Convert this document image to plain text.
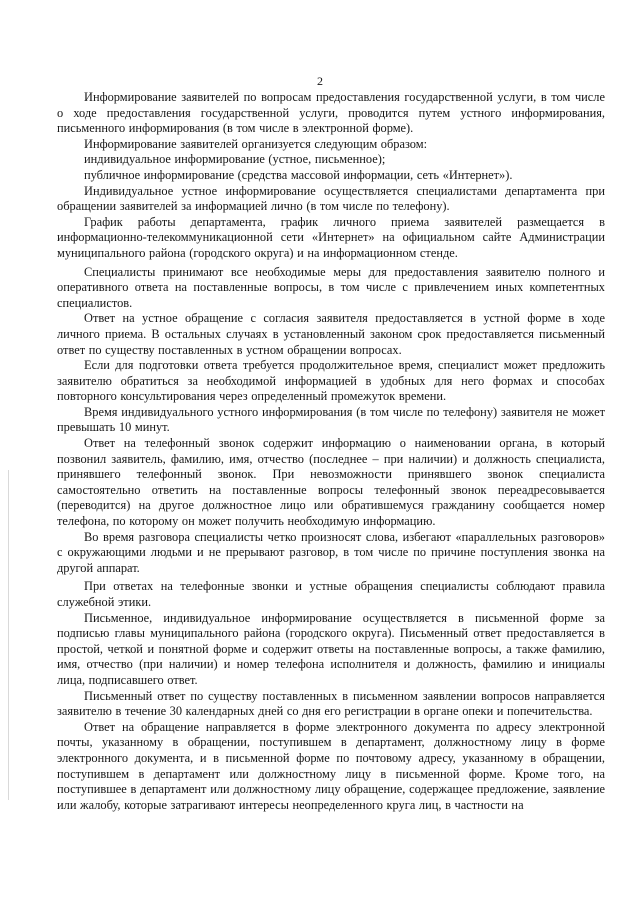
2

Информирование заявителей по вопросам предоставления государственной услуги, в том числе о ходе предоставления государственной услуги, проводится путем устного информирования, письменного информирования (в том числе в электронной форме).

Информирование заявителей организуется следующим образом:

индивидуальное информирование (устное, письменное);

публичное информирование (средства массовой информации, сеть «Интернет»).

Индивидуальное устное информирование осуществляется специалистами департамента при обращении заявителей за информацией лично (в том числе по телефону).

График работы департамента, график личного приема заявителей размещается в информационно-телекоммуникационной сети «Интернет» на официальном сайте Администрации муниципального района (городского округа) и на информационном стенде.

Специалисты принимают все необходимые меры для предоставления заявителю полного и оперативного ответа на поставленные вопросы, в том числе с привлечением иных компетентных специалистов.

Ответ на устное обращение с согласия заявителя предоставляется в устной форме в ходе личного приема. В остальных случаях в установленный законом срок предоставляется письменный ответ по существу поставленных в устном обращении вопросах.

Если для подготовки ответа требуется продолжительное время, специалист может предложить заявителю обратиться за необходимой информацией в удобных для него формах и способах повторного консультирования через определенный промежуток времени.

Время индивидуального устного информирования (в том числе по телефону) заявителя не может превышать 10 минут.

Ответ на телефонный звонок содержит информацию о наименовании органа, в который позвонил заявитель, фамилию, имя, отчество (последнее – при наличии) и должность специалиста, принявшего телефонный звонок. При невозможности принявшего звонок специалиста самостоятельно ответить на поставленные вопросы телефонный звонок переадресовывается (переводится) на другое должностное лицо или обратившемуся гражданину сообщается номер телефона, по которому он может получить необходимую информацию.

Во время разговора специалисты четко произносят слова, избегают «параллельных разговоров» с окружающими людьми и не прерывают разговор, в том числе по причине поступления звонка на другой аппарат.

При ответах на телефонные звонки и устные обращения специалисты соблюдают правила служебной этики.

Письменное, индивидуальное информирование осуществляется в письменной форме за подписью главы муниципального района (городского округа). Письменный ответ предоставляется в простой, четкой и понятной форме и содержит ответы на поставленные вопросы, а также фамилию, имя, отчество (при наличии) и номер телефона исполнителя и должность, фамилию и инициалы лица, подписавшего ответ.

Письменный ответ по существу поставленных в письменном заявлении вопросов направляется заявителю в течение 30 календарных дней со дня его регистрации в органе опеки и попечительства.

Ответ на обращение направляется в форме электронного документа по адресу электронной почты, указанному в обращении, поступившем в департамент, должностному лицу в форме электронного документа, и в письменной форме по почтовому адресу, указанному в обращении, поступившем в департамент или должностному лицу в письменной форме. Кроме того, на поступившее в департамент или должностному лицу обращение, содержащее предложение, заявление или жалобу, которые затрагивают интересы неопределенного круга лиц, в частности на
